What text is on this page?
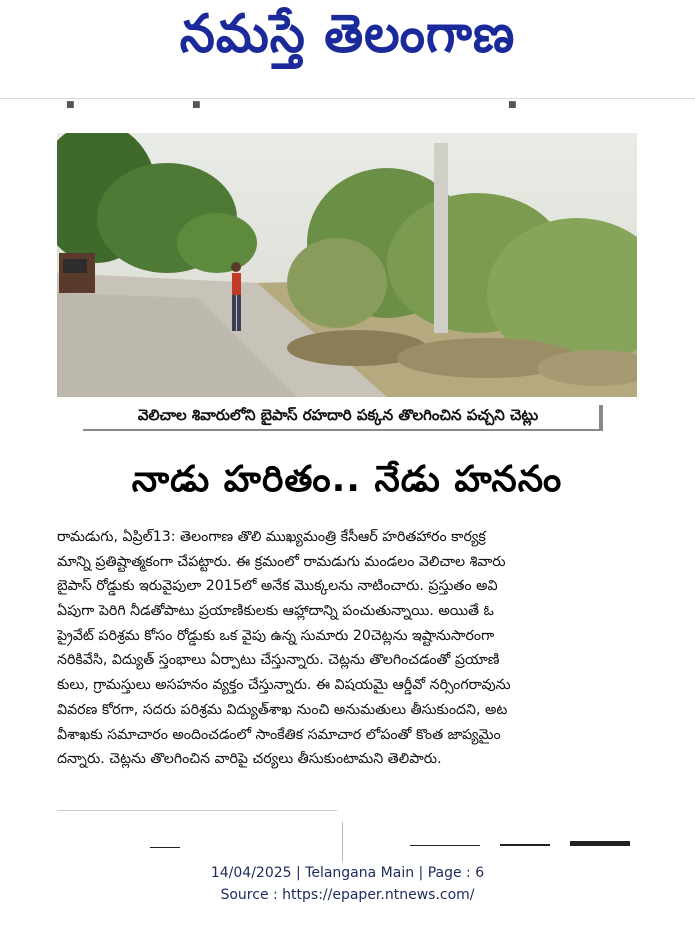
నమస్తే తెలంగాణ
■	■	■
వెలిచాల శివారులోని బైపాస్ రహదారి పక్కన తొలగించిన పచ్చని చెట్లు
నాడు హరితం.. నేడు హననం
రామడుగు, ఏప్రిల్13: తెలంగాణ తొలి ముఖ్యమంత్రి కేసీఆర్ హరితహారం కార్యక్ర
మాన్ని ప్రతిష్టాత్మకంగా చేపట్టారు. ఈ క్రమంలో రామడుగు మండలం వెలిచాల శివారు
బైపాస్ రోడ్డుకు ఇరువైపులా 2015లో అనేక మొక్కలను నాటించారు. ప్రస్తుతం అవి
ఏపుగా పెరిగి నీడతోపాటు ప్రయాణికులకు ఆహ్లాదాన్ని పంచుతున్నాయి. అయితే ఓ
ప్రైవేట్ పరిశ్రమ కోసం రోడ్డుకు ఒక వైపు ఉన్న సుమారు 20చెట్లను ఇష్టానుసారంగా
నరికివేసి, విద్యుత్ స్తంభాలు ఏర్పాటు చేస్తున్నారు. చెట్లను తొలగించడంతో ప్రయాణి
కులు, గ్రామస్తులు అసహనం వ్యక్తం చేస్తున్నారు. ఈ విషయమై ఆర్డీవో నర్సింగరావును
వివరణ కోరగా, సదరు పరిశ్రమ విద్యుత్‌శాఖ నుంచి అనుమతులు తీసుకుందని, అట
వీశాఖకు సమాచారం అందించడంలో సాంకేతిక సమాచార లోపంతో కొంత జాప్యమైం
దన్నారు. చెట్లను తొలగించిన వారిపై చర్యలు తీసుకుంటామని తెలిపారు.
14/04/2025 | Telangana Main | Page : 6
Source : https://epaper.ntnews.com/
